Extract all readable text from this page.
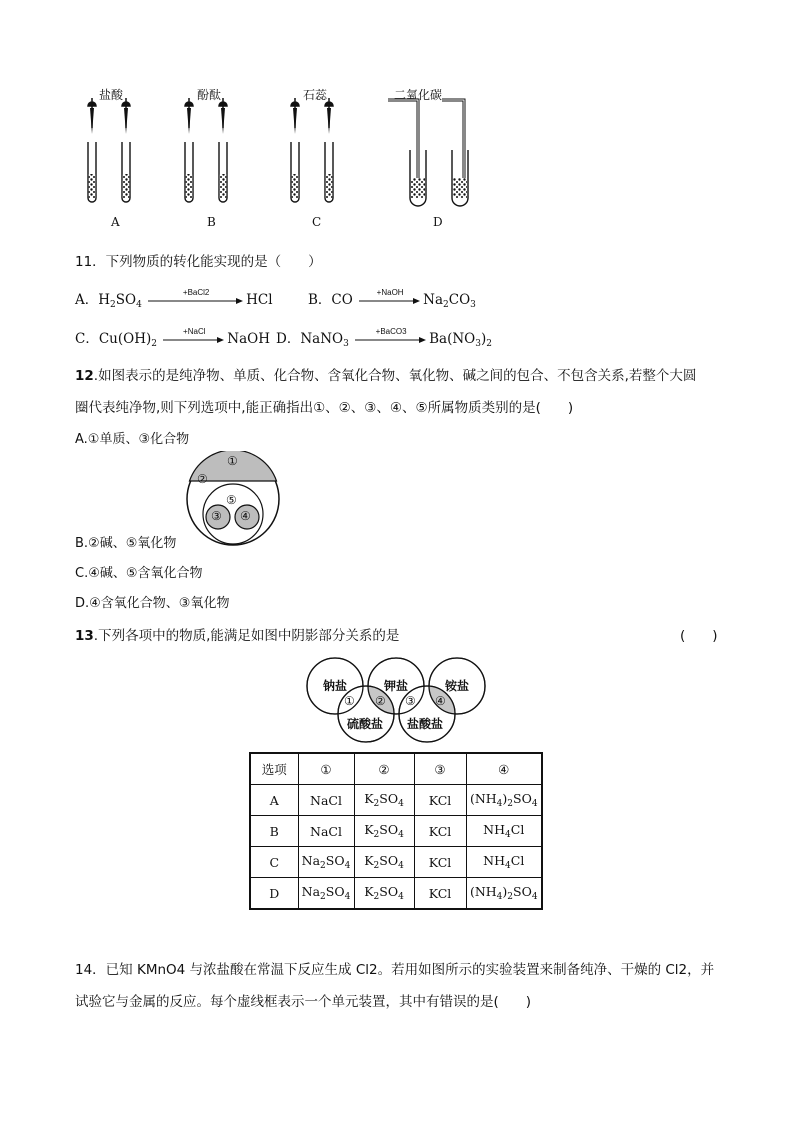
盐酸	酚酞	石蕊	二氧化碳
A	B	C	D
11．下列物质的转化能实现的是（　　）
A．$H_2SO_4$
+BaCl2	HCl	B．CO	+NaOH	$Na_2CO_3$
C．$Cu(OH)_2$
+NaCl	NaOH D．NaNO$_3$
+BaCO3	$Ba(NO_3)_2$
12.如图表示的是纯净物、单质、化合物、含氧化合物、氧化物、碱之间的包合、不包含关系,若整个大圆
圈代表纯净物,则下列选项中,能正确指出①、②、③、④、⑤所属物质类别的是(　　)
A.①单质、③化合物
①
②
③ ④
⑤
B.②碱、⑤氧化物
C.④碱、⑤含氧化合物
D.④含氧化合物、③氧化物
13.下列各项中的物质,能满足如图中阴影部分关系的是	(　　)
钠盐	钾盐	铵盐
硫酸盐 盐酸盐
① ② ③ ④
选项	①	②	③	④
A	NaCl	$K_2SO_4$	KCl	$(NH_4)_2SO_4$
B	NaCl	$K_2SO_4$	KCl	$NH_4Cl$
C	$Na_2SO_4$	$K_2SO_4$	KCl	$NH_4Cl$
D	$Na_2SO_4$	$K_2SO_4$	KCl	$(NH_4)_2SO_4$
14．已知 KMnO4 与浓盐酸在常温下反应生成 Cl2。若用如图所示的实验装置来制备纯净、干燥的 Cl2，并
试验它与金属的反应。每个虚线框表示一个单元装置，其中有错误的是(　　)
